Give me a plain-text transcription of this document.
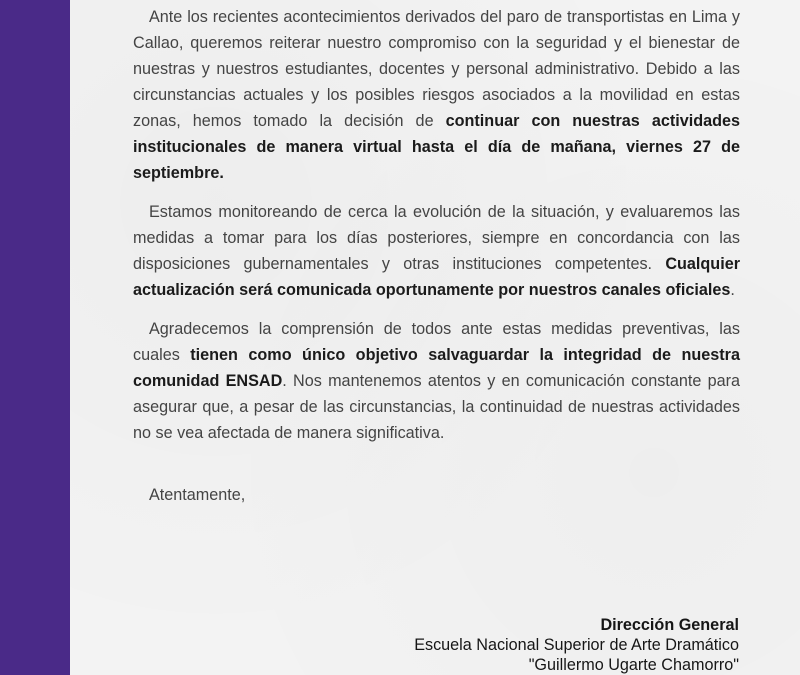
Ante los recientes acontecimientos derivados del paro de transportistas en Lima y Callao, queremos reiterar nuestro compromiso con la seguridad y el bienestar de nuestras y nuestros estudiantes, docentes y personal administrativo. Debido a las circunstancias actuales y los posibles riesgos asociados a la movilidad en estas zonas, hemos tomado la decisión de continuar con nuestras actividades institucionales de manera virtual hasta el día de mañana, viernes 27 de septiembre.

Estamos monitoreando de cerca la evolución de la situación, y evaluaremos las medidas a tomar para los días posteriores, siempre en concordancia con las disposiciones gubernamentales y otras instituciones competentes. Cualquier actualización será comunicada oportunamente por nuestros canales oficiales.

Agradecemos la comprensión de todos ante estas medidas preventivas, las cuales tienen como único objetivo salvaguardar la integridad de nuestra comunidad ENSAD. Nos mantenemos atentos y en comunicación constante para asegurar que, a pesar de las circunstancias, la continuidad de nuestras actividades no se vea afectada de manera significativa.

Atentamente,

Dirección General
Escuela Nacional Superior de Arte Dramático
"Guillermo Ugarte Chamorro"
